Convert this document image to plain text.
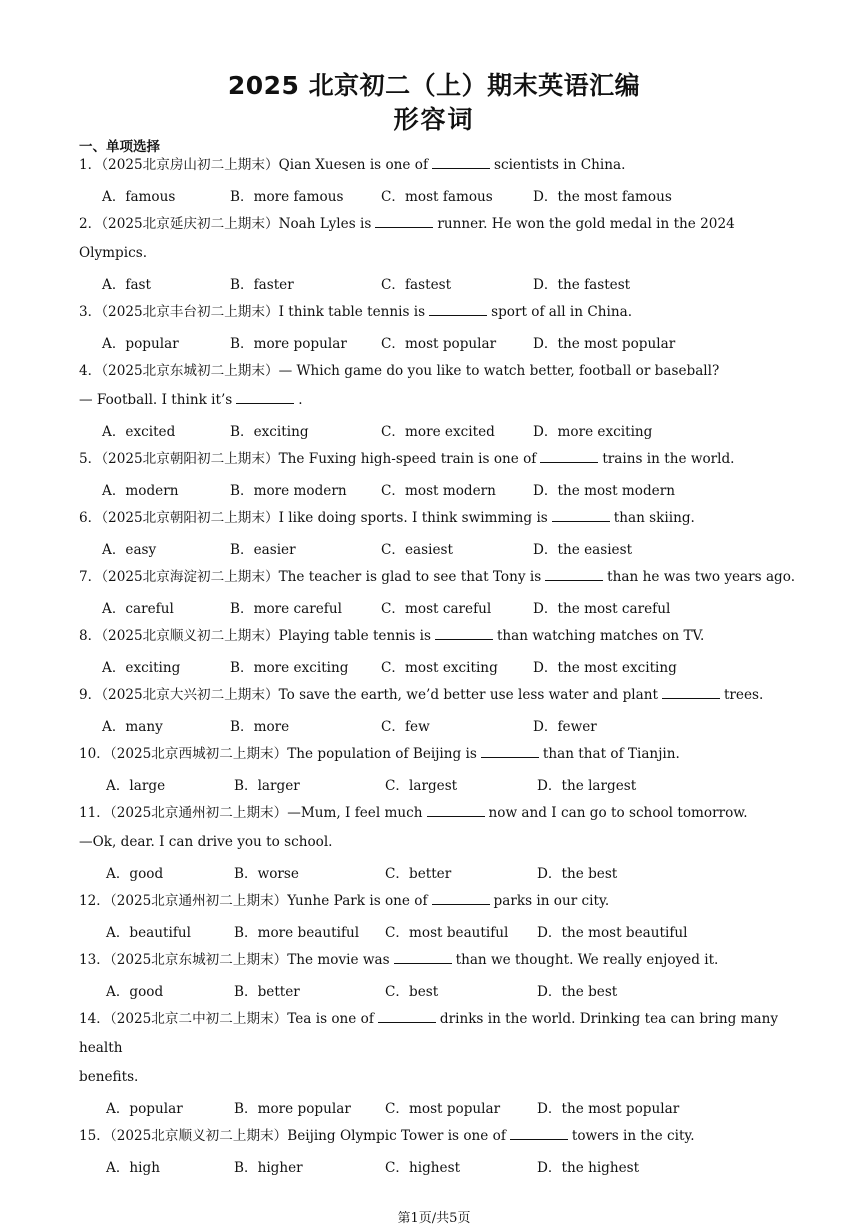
2025 北京初二（上）期末英语汇编
形容词
一、单项选择

1．（2025北京房山初二上期末）Qian Xuesen is one of	scientists in China.

A．famous	B．more famous	C．most famous	D．the most famous

2．（2025北京延庆初二上期末）Noah Lyles is	runner. He won the gold medal in the 2024 Olympics.

A．fast	B．faster	C．fastest	D．the fastest

3．（2025北京丰台初二上期末）I think table tennis is	sport of all in China.

A．popular	B．more popular	C．most popular	D．the most popular

4．（2025北京东城初二上期末）— Which game do you like to watch better, football or baseball?

— Football. I think it’s	.

A．excited	B．exciting	C．more excited	D．more exciting

5．（2025北京朝阳初二上期末）The Fuxing high-speed train is one of	trains in the world.

A．modern	B．more modern	C．most modern	D．the most modern

6．（2025北京朝阳初二上期末）I like doing sports. I think swimming is	than skiing.

A．easy	B．easier	C．easiest	D．the easiest

7．（2025北京海淀初二上期末）The teacher is glad to see that Tony is	than he was two years ago.

A．careful	B．more careful	C．most careful	D．the most careful

8．（2025北京顺义初二上期末）Playing table tennis is	than watching matches on TV.

A．exciting	B．more exciting	C．most exciting	D．the most exciting

9．（2025北京大兴初二上期末）To save the earth, we’d better use less water and plant	trees.

A．many	B．more	C．few	D．fewer

10．（2025北京西城初二上期末）The population of Beijing is	than that of Tianjin.

A．large	B．larger	C．largest	D．the largest

11．（2025北京通州初二上期末）—Mum, I feel much	now and I can go to school tomorrow.

—Ok, dear. I can drive you to school.

A．good	B．worse	C．better	D．the best

12．（2025北京通州初二上期末）Yunhe Park is one of	parks in our city.

A．beautiful	B．more beautiful	C．most beautiful	D．the most beautiful

13．（2025北京东城初二上期末）The movie was	than we thought. We really enjoyed it.

A．good	B．better	C．best	D．the best

14．（2025北京二中初二上期末）Tea is one of	drinks in the world. Drinking tea can bring many health

benefits.

A．popular	B．more popular	C．most popular	D．the most popular

15．（2025北京顺义初二上期末）Beijing Olympic Tower is one of	towers in the city.

A．high	B．higher	C．highest	D．the highest
第1页/共5页
